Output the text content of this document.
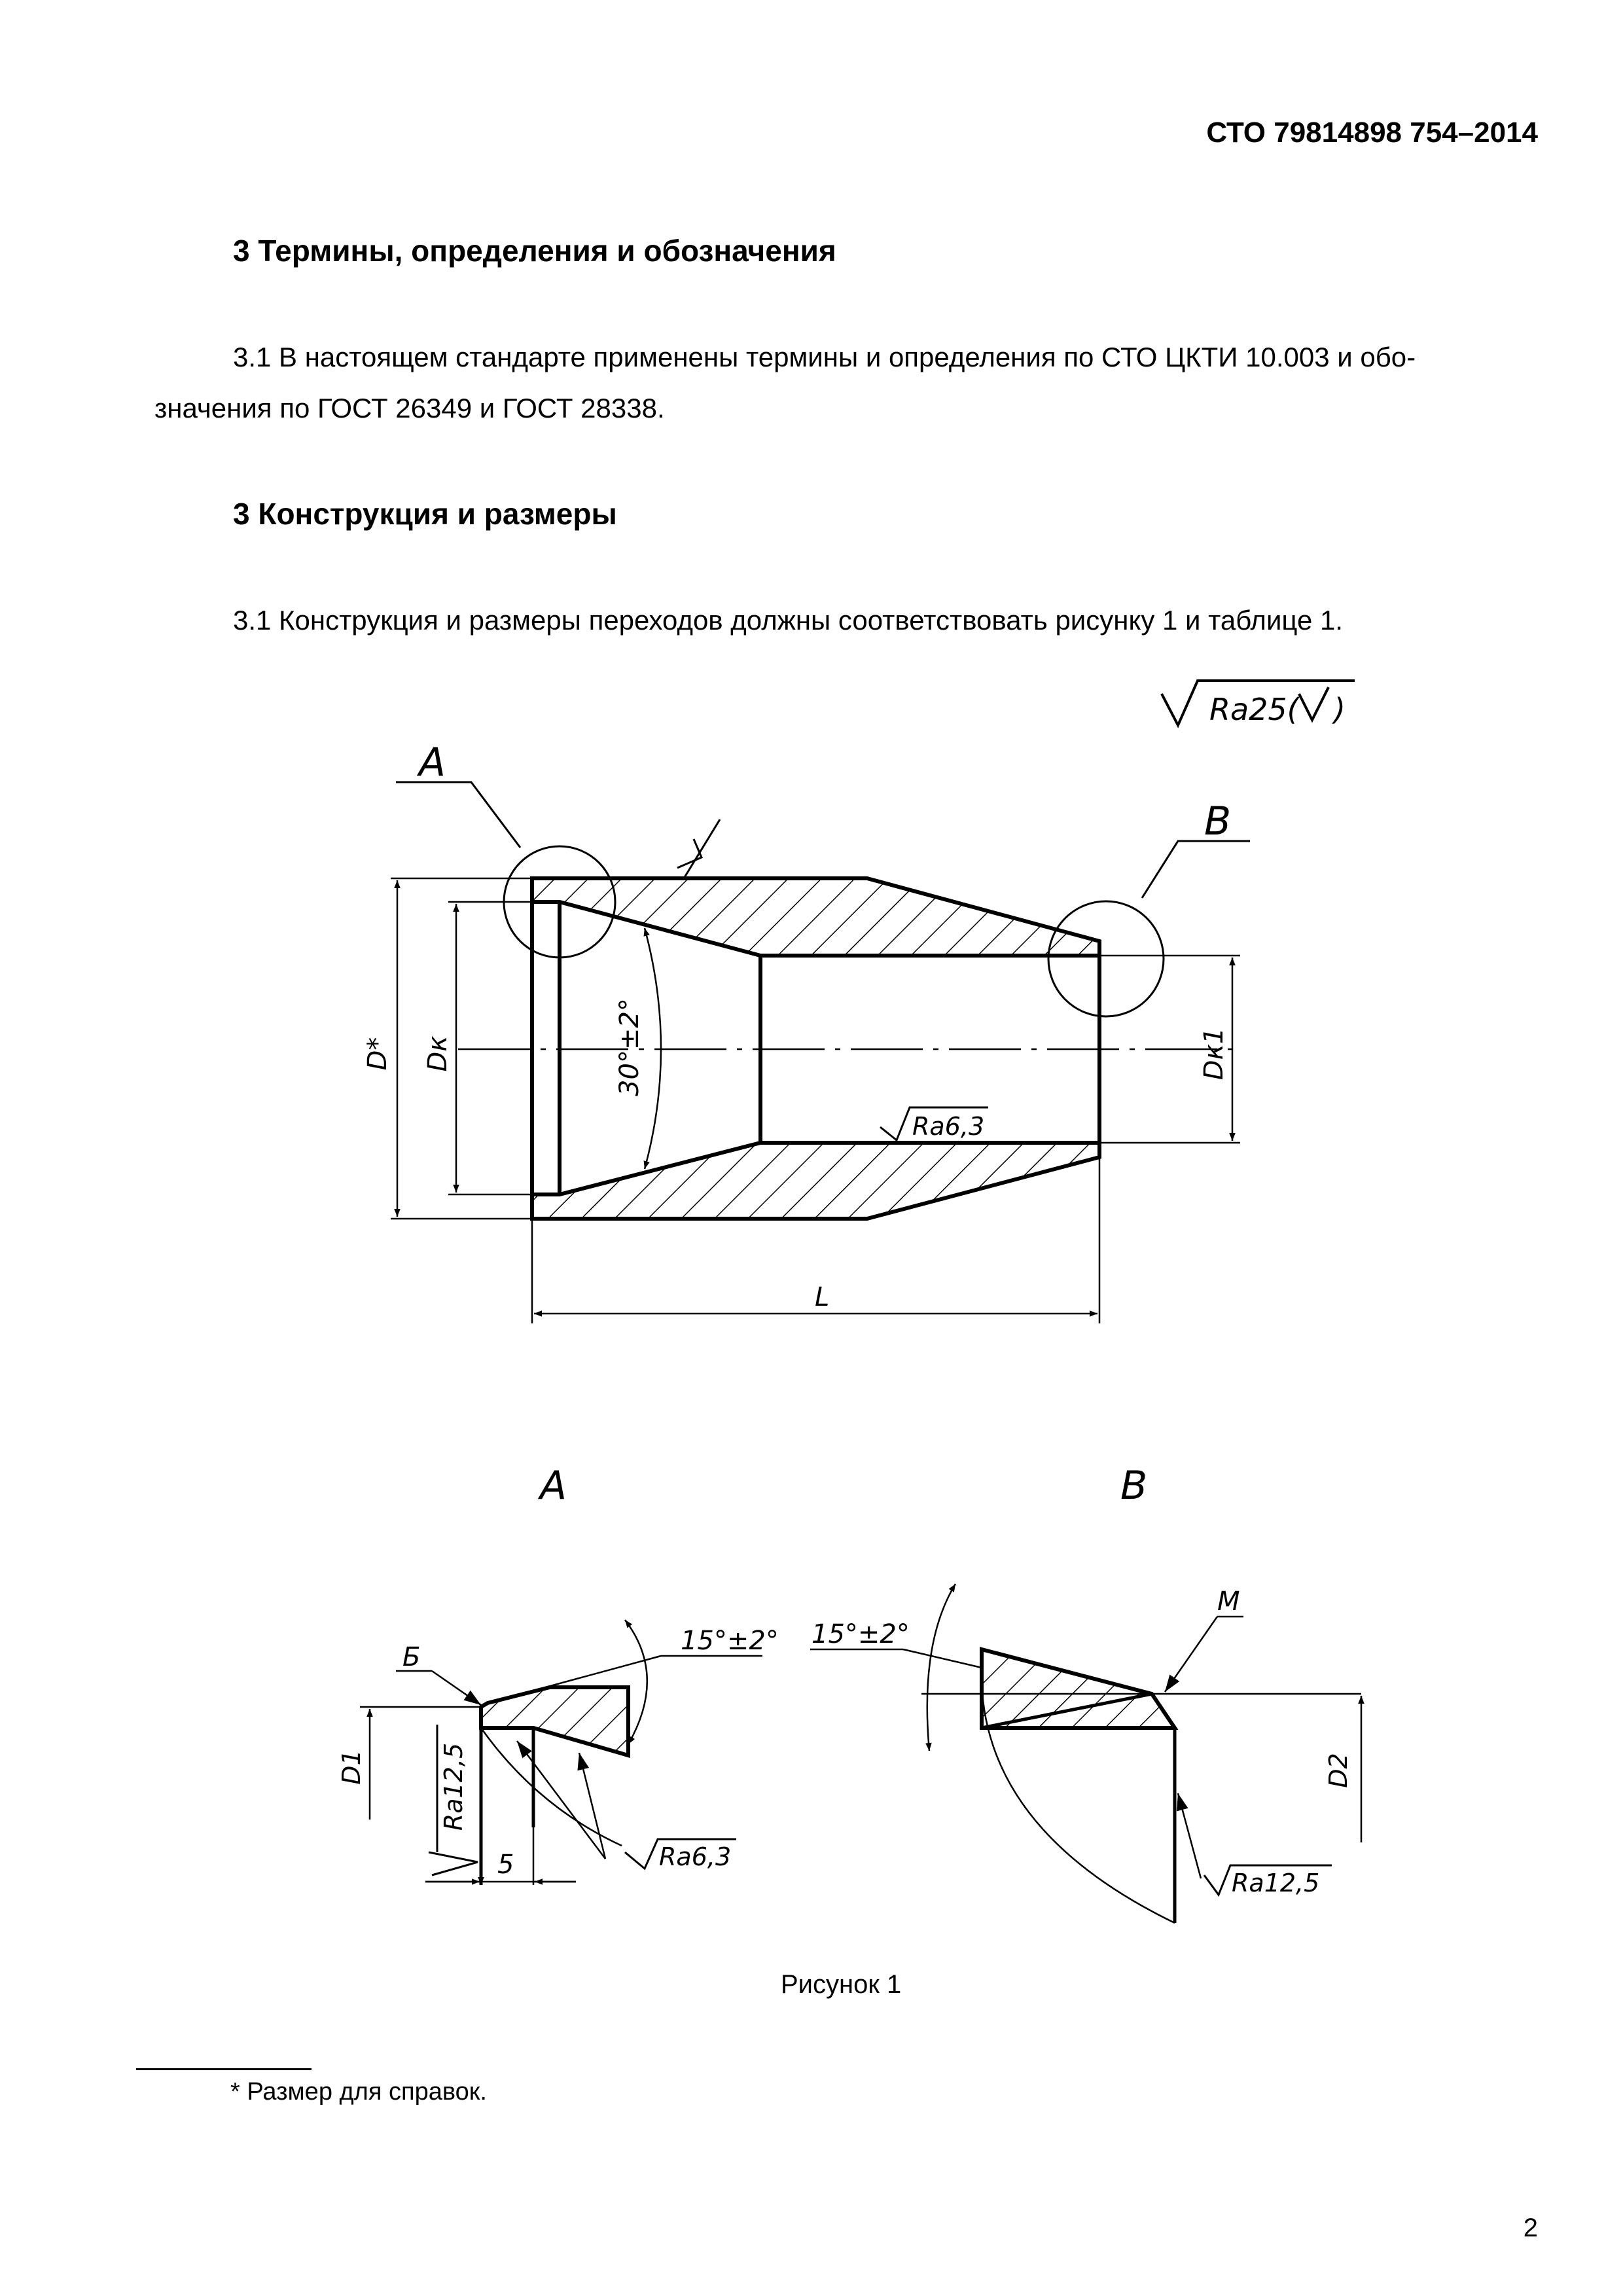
СТО 79814898 754–2014
3 Термины, определения и обозначения
3.1 В настоящем стандарте применены термины и определения по СТО ЦКТИ 10.003 и обо-
значения по ГОСТ 26349 и ГОСТ 28338.
3 Конструкция и размеры
3.1 Конструкция и размеры переходов должны соответствовать рисунку 1 и таблице 1.
Ra25( )
A
B
D* Dк	Dк1
30°±2°
Ra6,3
L
A	B
15°±2°
Б
D1	Ra12,5
Ra6,3
5
15°±2°
М
D2
Ra12,5
Рисунок 1
* Размер для справок.
2
